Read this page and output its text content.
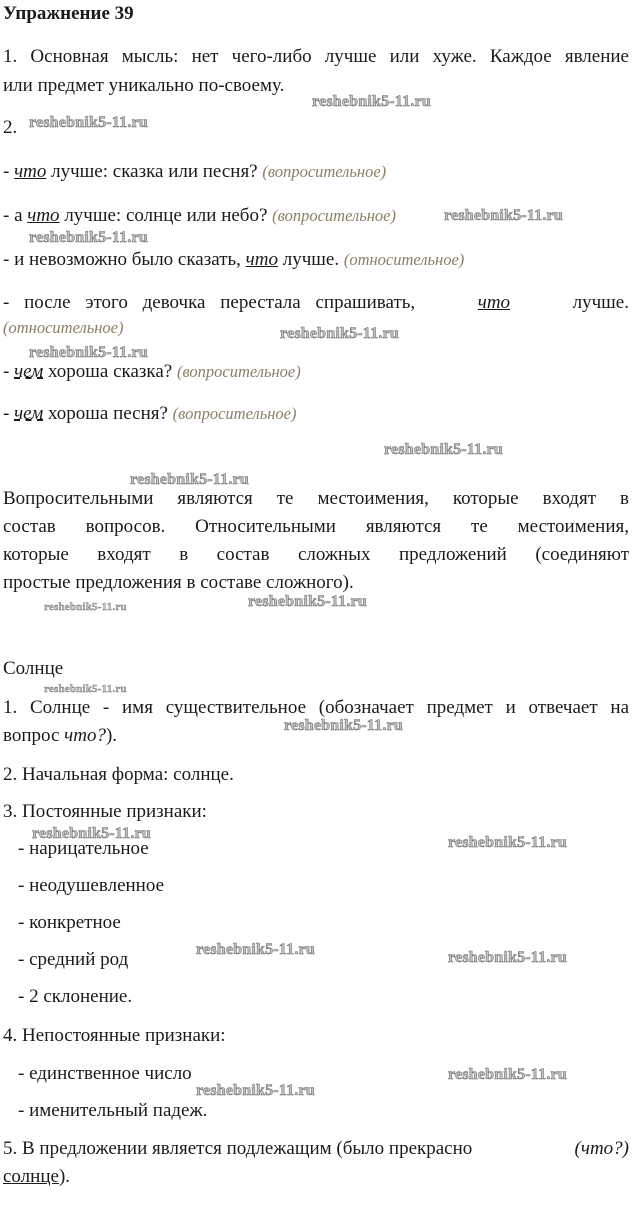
Упражнение 39
1. Основная мысль: нет чего-либо лучше или хуже. Каждое явление
или предмет уникально по-своему.
2.
- что лучше: сказка или песня? (вопросительное)
- а что лучше: солнце или небо? (вопросительное)
- и невозможно было сказать, что лучше. (относительное)
- после этого девочка перестала спрашивать,	что	лучше.
(относительное)
- чем хороша сказка? (вопросительное)
- чем хороша песня? (вопросительное)
Вопросительными являются те местоимения, которые входят в
состав вопросов. Относительными являются те местоимения,
которые входят в состав сложных предложений (соединяют
простые предложения в составе сложного).
Солнце
1. Солнце - имя существительное (обозначает предмет и отвечает на
вопрос что?).
2. Начальная форма: солнце.
3. Постоянные признаки:
- нарицательное
- неодушевленное
- конкретное
- средний род
- 2 склонение.
4. Непостоянные признаки:
- единственное число
- именительный падеж.
5. В предложении является подлежащим (было прекрасно	(что?)
солнце).
reshebnik5-11.ru
reshebnik5-11.ru
reshebnik5-11.ru
reshebnik5-11.ru
reshebnik5-11.ru
reshebnik5-11.ru
reshebnik5-11.ru
reshebnik5-11.ru
reshebnik5-11.ru
reshebnik5-11.ru
reshebnik5-11.ru
reshebnik5-11.ru
reshebnik5-11.ru
reshebnik5-11.ru
reshebnik5-11.ru	reshebnik5-11.ru
reshebnik5-11.ru
reshebnik5-11.ru
